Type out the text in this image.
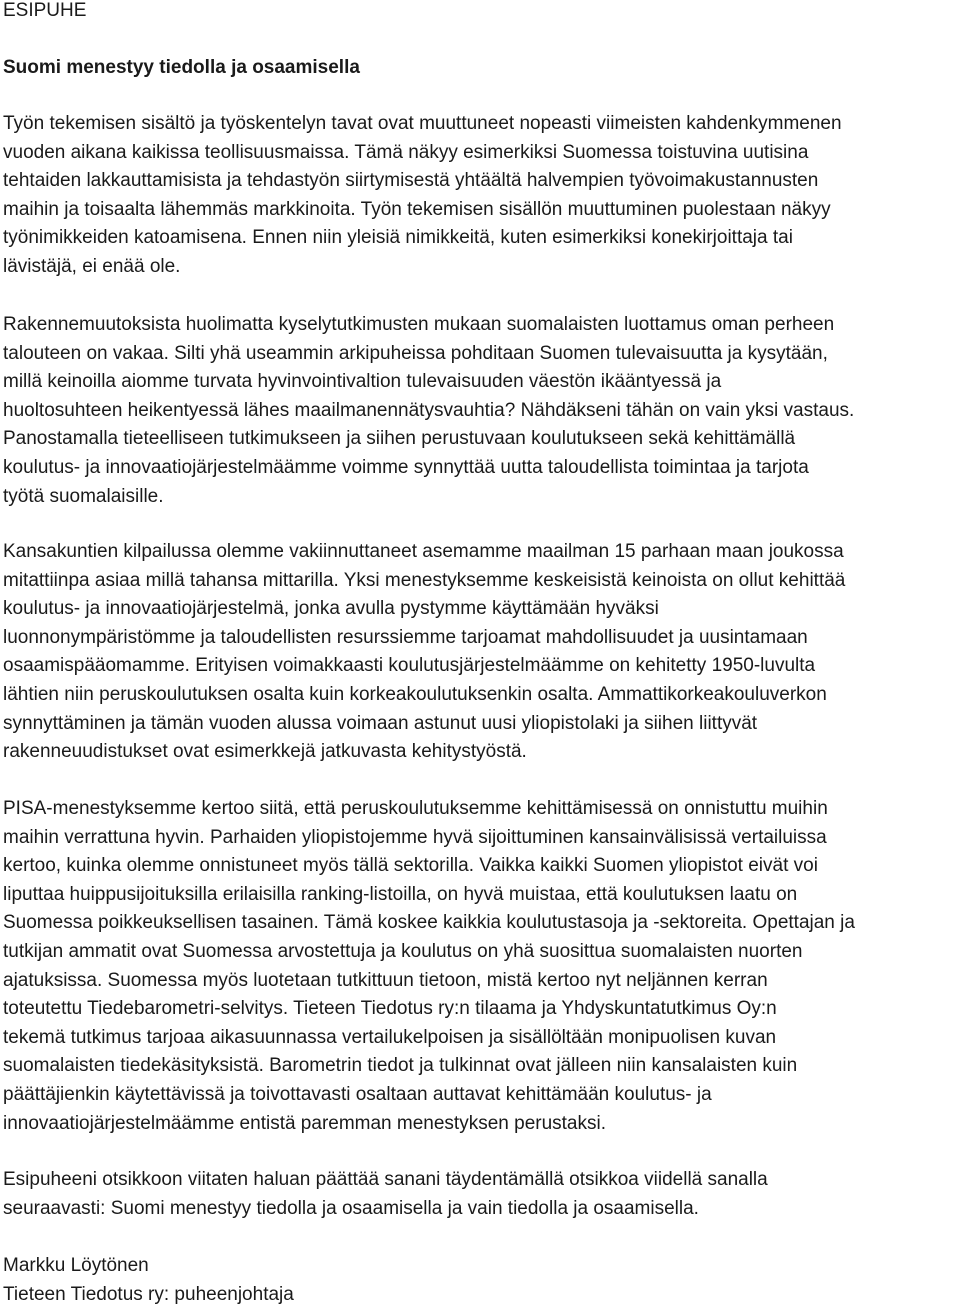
ESIPUHE
Suomi menestyy tiedolla ja osaamisella
Työn tekemisen sisältö ja työskentelyn tavat ovat muuttuneet nopeasti viimeisten kahdenkymmenen
vuoden aikana kaikissa teollisuusmaissa. Tämä näkyy esimerkiksi Suomessa toistuvina uutisina
tehtaiden lakkauttamisista ja tehdastyön siirtymisestä yhtäältä halvempien työvoimakustannusten
maihin ja toisaalta lähemmäs markkinoita. Työn tekemisen sisällön muuttuminen puolestaan näkyy
työnimikkeiden katoamisena. Ennen niin yleisiä nimikkeitä, kuten esimerkiksi konekirjoittaja tai
lävistäjä, ei enää ole.
Rakennemuutoksista huolimatta kyselytutkimusten mukaan suomalaisten luottamus oman perheen
talouteen on vakaa. Silti yhä useammin arkipuheissa pohditaan Suomen tulevaisuutta ja kysytään,
millä keinoilla aiomme turvata hyvinvointivaltion tulevaisuuden väestön ikääntyessä ja
huoltosuhteen heikentyessä lähes maailmanennätysvauhtia? Nähdäkseni tähän on vain yksi vastaus.
Panostamalla tieteelliseen tutkimukseen ja siihen perustuvaan koulutukseen sekä kehittämällä
koulutus- ja innovaatiojärjestelmäämme voimme synnyttää uutta taloudellista toimintaa ja tarjota
työtä suomalaisille.
Kansakuntien kilpailussa olemme vakiinnuttaneet asemamme maailman 15 parhaan maan joukossa
mitattiinpa asiaa millä tahansa mittarilla. Yksi menestyksemme keskeisistä keinoista on ollut kehittää
koulutus- ja innovaatiojärjestelmä, jonka avulla pystymme käyttämään hyväksi
luonnonympäristömme ja taloudellisten resurssiemme tarjoamat mahdollisuudet ja uusintamaan
osaamispääomamme. Erityisen voimakkaasti koulutusjärjestelmäämme on kehitetty 1950-luvulta
lähtien niin peruskoulutuksen osalta kuin korkeakoulutuksenkin osalta. Ammattikorkeakouluverkon
synnyttäminen ja tämän vuoden alussa voimaan astunut uusi yliopistolaki ja siihen liittyvät
rakenneuudistukset ovat esimerkkejä jatkuvasta kehitystyöstä.
PISA-menestyksemme kertoo siitä, että peruskoulutuksemme kehittämisessä on onnistuttu muihin
maihin verrattuna hyvin. Parhaiden yliopistojemme hyvä sijoittuminen kansainvälisissä vertailuissa
kertoo, kuinka olemme onnistuneet myös tällä sektorilla. Vaikka kaikki Suomen yliopistot eivät voi
liputtaa huippusijoituksilla erilaisilla ranking-listoilla, on hyvä muistaa, että koulutuksen laatu on
Suomessa poikkeuksellisen tasainen. Tämä koskee kaikkia koulutustasoja ja -sektoreita. Opettajan ja
tutkijan ammatit ovat Suomessa arvostettuja ja koulutus on yhä suosittua suomalaisten nuorten
ajatuksissa. Suomessa myös luotetaan tutkittuun tietoon, mistä kertoo nyt neljännen kerran
toteutettu Tiedebarometri-selvitys. Tieteen Tiedotus ry:n tilaama ja Yhdyskuntatutkimus Oy:n
tekemä tutkimus tarjoaa aikasuunnassa vertailukelpoisen ja sisällöltään monipuolisen kuvan
suomalaisten tiedekäsityksistä. Barometrin tiedot ja tulkinnat ovat jälleen niin kansalaisten kuin
päättäjienkin käytettävissä ja toivottavasti osaltaan auttavat kehittämään koulutus- ja
innovaatiojärjestelmäämme entistä paremman menestyksen perustaksi.
Esipuheeni otsikkoon viitaten haluan päättää sanani täydentämällä otsikkoa viidellä sanalla
seuraavasti: Suomi menestyy tiedolla ja osaamisella ja vain tiedolla ja osaamisella.
Markku Löytönen
Tieteen Tiedotus ry: puheenjohtaja
